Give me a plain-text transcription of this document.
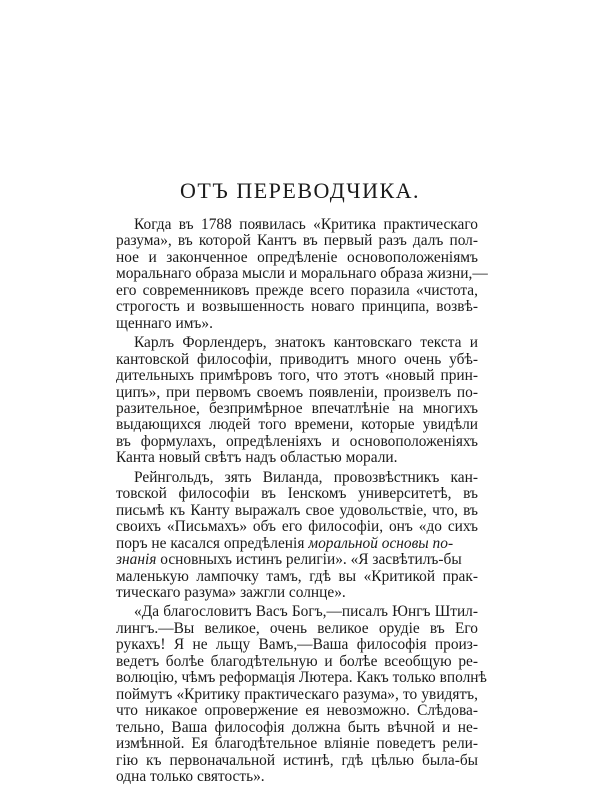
ОТЪ ПЕРЕВОДЧИКА.
Когда въ 1788 появилась «Критика практическаго
разума», въ которой Кантъ въ первый разъ далъ пол-
ное и законченное опредѣленіе основоположеніямъ
моральнаго образа мысли и моральнаго образа жизни,—
его современниковъ прежде всего поразила «чистота,
строгость и возвышенность новаго принципа, возвѣ-
щеннаго имъ».
Карлъ Форлендеръ, знатокъ кантовскаго текста и
кантовской философіи, приводитъ много очень убѣ-
дительныхъ примѣровъ того, что этотъ «новый прин-
ципъ», при первомъ своемъ появленіи, произвелъ по-
разительное, безпримѣрное впечатлѣніе на многихъ
выдающихся людей того времени, которые увидѣли
въ формулахъ, опредѣленіяхъ и основоположеніяхъ
Канта новый свѣтъ надъ областью морали.
Рейнгольдъ, зять Виланда, провозвѣстникъ кан-
товской философіи въ Іенскомъ университетѣ, въ
письмѣ къ Канту выражалъ свое удовольствіе, что, въ
своихъ «Письмахъ» объ его философіи, онъ «до сихъ
поръ не касался опредѣленія моральной основы по-
знанія основныхъ истинъ религіи». «Я засвѣтилъ-бы
маленькую лампочку тамъ, гдѣ вы «Критикой прак-
тическаго разума» зажгли солнце».
«Да благословитъ Васъ Богъ,—писалъ Юнгъ Штил-
лингъ.—Вы великое, очень великое орудіе въ Его
рукахъ! Я не льщу Вамъ,—Ваша философія произ-
ведетъ болѣе благодѣтельную и болѣе всеобщую ре-
волюцію, чѣмъ реформація Лютера. Какъ только вполнѣ
поймутъ «Критику практическаго разума», то увидятъ,
что никакое опровержение ея невозможно. Слѣдова-
тельно, Ваша философія должна быть вѣчной и не-
измѣнной. Ея благодѣтельное вліяніе поведетъ рели-
гію къ первоначальной истинѣ, гдѣ цѣлью была-бы
одна только святость».
